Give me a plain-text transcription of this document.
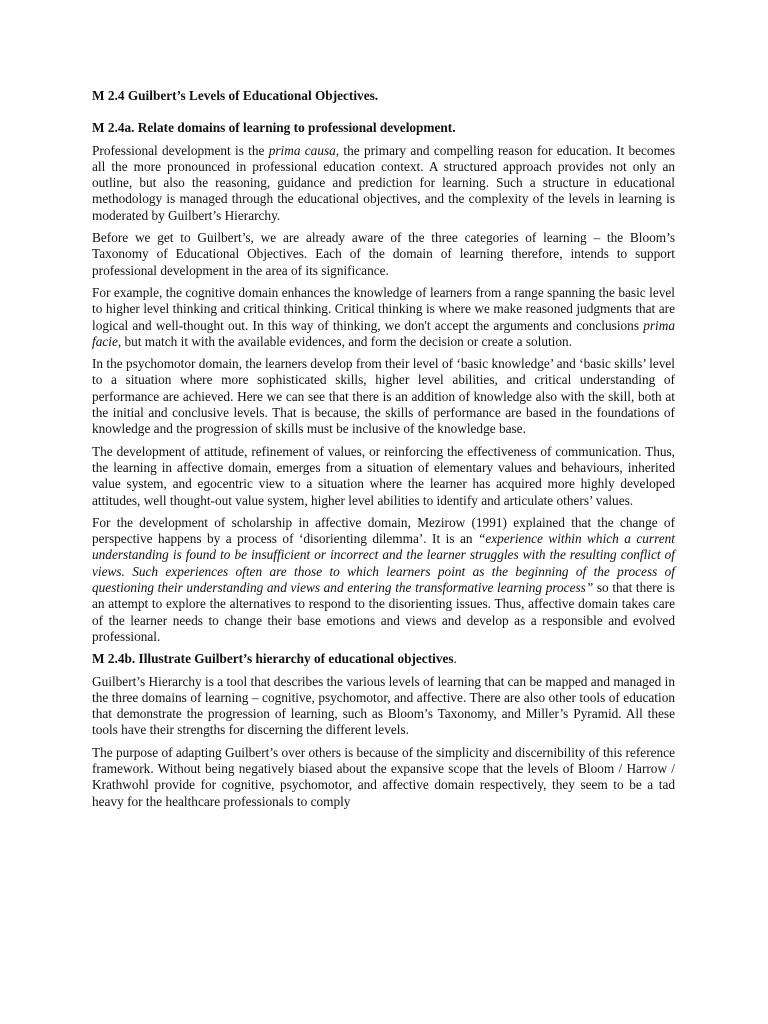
M 2.4 Guilbert’s Levels of Educational Objectives.

M 2.4a. Relate domains of learning to professional development.

Professional development is the prima causa, the primary and compelling reason for education. It becomes all the more pronounced in professional education context. A structured approach provides not only an outline, but also the reasoning, guidance and prediction for learning. Such a structure in educational methodology is managed through the educational objectives, and the complexity of the levels in learning is moderated by Guilbert’s Hierarchy.

Before we get to Guilbert’s, we are already aware of the three categories of learning – the Bloom’s Taxonomy of Educational Objectives. Each of the domain of learning therefore, intends to support professional development in the area of its significance.

For example, the cognitive domain enhances the knowledge of learners from a range spanning the basic level to higher level thinking and critical thinking. Critical thinking is where we make reasoned judgments that are logical and well-thought out. In this way of thinking, we don't accept the arguments and conclusions prima facie, but match it with the available evidences, and form the decision or create a solution.

In the psychomotor domain, the learners develop from their level of ‘basic knowledge’ and ‘basic skills’ level to a situation where more sophisticated skills, higher level abilities, and critical understanding of performance are achieved. Here we can see that there is an addition of knowledge also with the skill, both at the initial and conclusive levels. That is because, the skills of performance are based in the foundations of knowledge and the progression of skills must be inclusive of the knowledge base.

The development of attitude, refinement of values, or reinforcing the effectiveness of communication. Thus, the learning in affective domain, emerges from a situation of elementary values and behaviours, inherited value system, and egocentric view to a situation where the learner has acquired more highly developed attitudes, well thought-out value system, higher level abilities to identify and articulate others’ values.

For the development of scholarship in affective domain, Mezirow (1991) explained that the change of perspective happens by a process of ‘disorienting dilemma’. It is an “experience within which a current understanding is found to be insufficient or incorrect and the learner struggles with the resulting conflict of views. Such experiences often are those to which learners point as the beginning of the process of questioning their understanding and views and entering the transformative learning process” so that there is an attempt to explore the alternatives to respond to the disorienting issues. Thus, affective domain takes care of the learner needs to change their base emotions and views and develop as a responsible and evolved professional.

M 2.4b. Illustrate Guilbert’s hierarchy of educational objectives.

Guilbert’s Hierarchy is a tool that describes the various levels of learning that can be mapped and managed in the three domains of learning – cognitive, psychomotor, and affective. There are also other tools of education that demonstrate the progression of learning, such as Bloom’s Taxonomy, and Miller’s Pyramid. All these tools have their strengths for discerning the different levels.

The purpose of adapting Guilbert’s over others is because of the simplicity and discernibility of this reference framework. Without being negatively biased about the expansive scope that the levels of Bloom / Harrow / Krathwohl provide for cognitive, psychomotor, and affective domain respectively, they seem to be a tad heavy for the healthcare professionals to comply
